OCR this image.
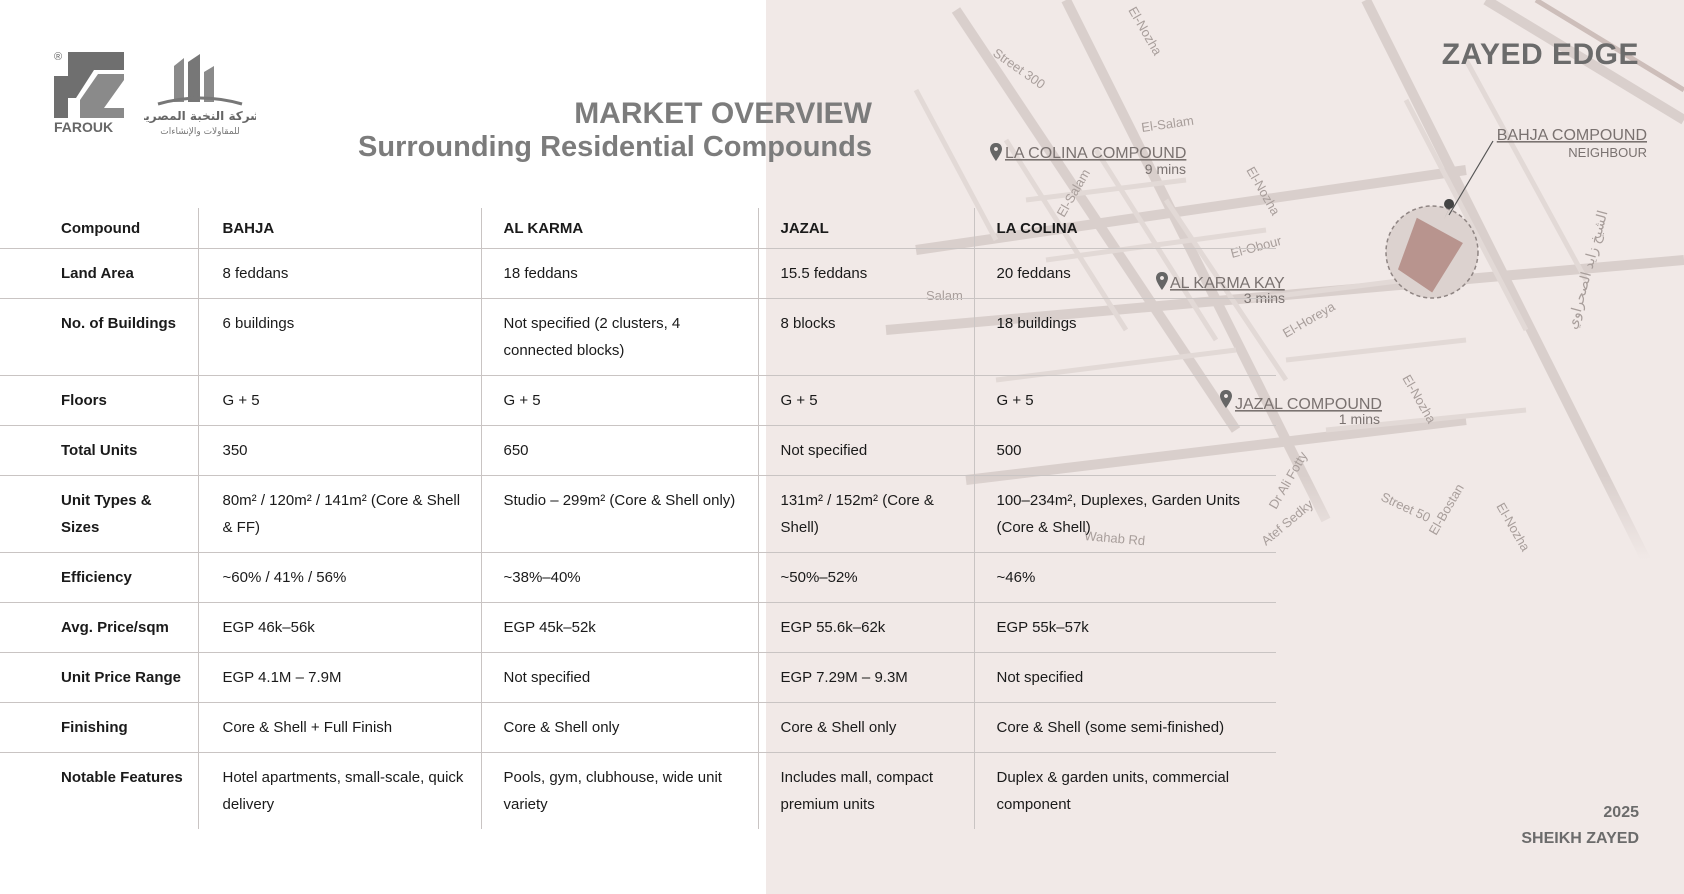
Street 300
El-Nozha
El-Salam
El-Salam	El-Nozha
El-Obour
El-Horeya
El-Nozha
Dr Ali Fotty
Atef Sedky	Street 50
El-Bostan El-Nozha
Wahab Rd
Salam	الشيخ زايد الصحراوي
LA COLINA COMPOUND
9 mins
AL KARMA KAY
3 mins
JAZAL COMPOUND
1 mins
BAHJA COMPOUND
NEIGHBOUR
®
FAROUK
شركة النخبة المصرية
للمقاولات والإنشاءات
MARKET OVERVIEW
Surrounding Residential Compounds
ZAYED EDGE
2025
SHEIKH ZAYED
Compound	BAHJA	AL KARMA	JAZAL	LA COLINA
Land Area	8 feddans	18 feddans	15.5 feddans	20 feddans
No. of Buildings	6 buildings	Not specified (2 clusters, 4 connected blocks)	8 blocks	18 buildings
Floors	G + 5	G + 5	G + 5	G + 5
Total Units	350	650	Not specified	500
Unit Types & Sizes	80m² / 120m² / 141m² (Core & Shell & FF)	Studio – 299m² (Core & Shell only)	131m² / 152m² (Core & Shell)	100–234m², Duplexes, Garden Units (Core & Shell)
Efficiency	~60% / 41% / 56%	~38%–40%	~50%–52%	~46%
Avg. Price/sqm	EGP 46k–56k	EGP 45k–52k	EGP 55.6k–62k	EGP 55k–57k
Unit Price Range	EGP 4.1M – 7.9M	Not specified	EGP 7.29M – 9.3M	Not specified
Finishing	Core & Shell + Full Finish	Core & Shell only	Core & Shell only	Core & Shell (some semi-finished)
Notable Features	Hotel apartments, small-scale, quick delivery	Pools, gym, clubhouse, wide unit variety	Includes mall, compact premium units	Duplex & garden units, commercial component
